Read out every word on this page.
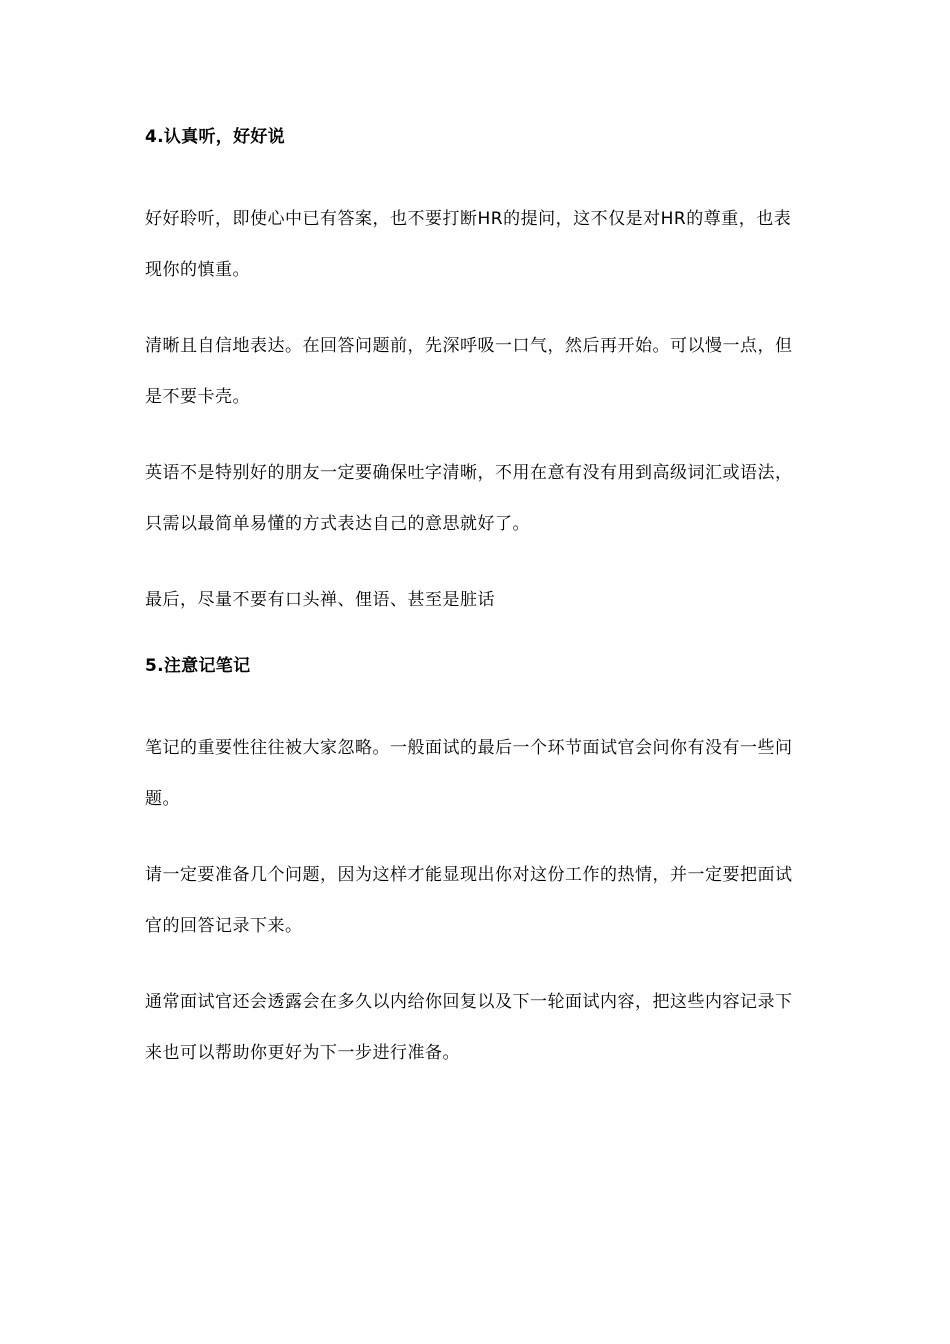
4.认真听，好好说

好好聆听，即使心中已有答案，也不要打断HR的提问，这不仅是对HR的尊重，也表现你的慎重。

清晰且自信地表达。在回答问题前，先深呼吸一口气，然后再开始。可以慢一点，但是不要卡壳。

英语不是特别好的朋友一定要确保吐字清晰，不用在意有没有用到高级词汇或语法，只需以最简单易懂的方式表达自己的意思就好了。

最后，尽量不要有口头禅、俚语、甚至是脏话

5.注意记笔记

笔记的重要性往往被大家忽略。一般面试的最后一个环节面试官会问你有没有一些问题。

请一定要准备几个问题，因为这样才能显现出你对这份工作的热情，并一定要把面试官的回答记录下来。

通常面试官还会透露会在多久以内给你回复以及下一轮面试内容，把这些内容记录下来也可以帮助你更好为下一步进行准备。
